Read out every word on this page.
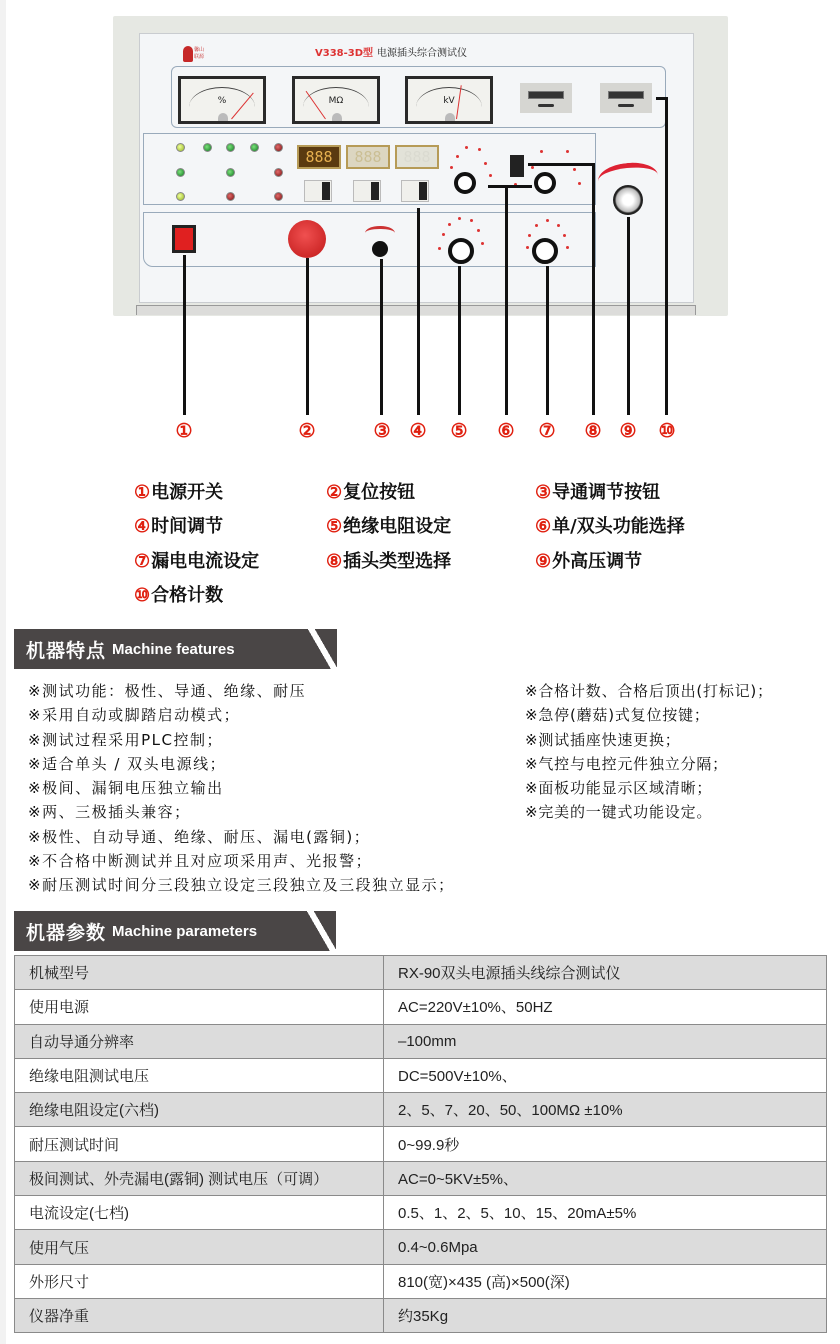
馨山 联源	V338-3D型 电源插头综合测试仪
%	MΩ	kV
888	888	888
①	②	③ ④ ⑤ ⑥ ⑦ ⑧ ⑨ ⑩
①电源开关	②复位按钮	③导通调节按钮
④时间调节	⑤绝缘电阻设定	⑥单/双头功能选择
⑦漏电电流设定	⑧插头类型选择	⑨外高压调节
⑩合格计数
机器特点 Machine features
※测试功能：极性、导通、绝缘、耐压
※采用自动或脚踏启动模式；
※测试过程采用PLC控制；
※适合单头 / 双头电源线；
※极间、漏铜电压独立输出
※两、三极插头兼容；
※极性、自动导通、绝缘、耐压、漏电(露铜)；
※不合格中断测试并且对应项采用声、光报警；
※耐压测试时间分三段独立设定三段独立及三段独立显示；
※合格计数、合格后顶出(打标记)；
※急停(蘑菇)式复位按键；
※测试插座快速更换；
※气控与电控元件独立分隔；
※面板功能显示区域清晰；
※完美的一键式功能设定。
机器参数 Machine parameters
机械型号	RX-90双头电源插头线综合测试仪
使用电源	AC=220V±10%、50HZ
自动导通分辨率	–100mm
绝缘电阻测试电压	DC=500V±10%、
绝缘电阻设定(六档)	2、5、7、20、50、100MΩ ±10%
耐压测试时间	0~99.9秒
极间测试、外壳漏电(露铜) 测试电压（可调）	AC=0~5KV±5%、
电流设定(七档)	0.5、1、2、5、10、15、20mA±5%
使用气压	0.4~0.6Mpa
外形尺寸	810(宽)×435 (高)×500(深)
仪器净重	约35Kg
